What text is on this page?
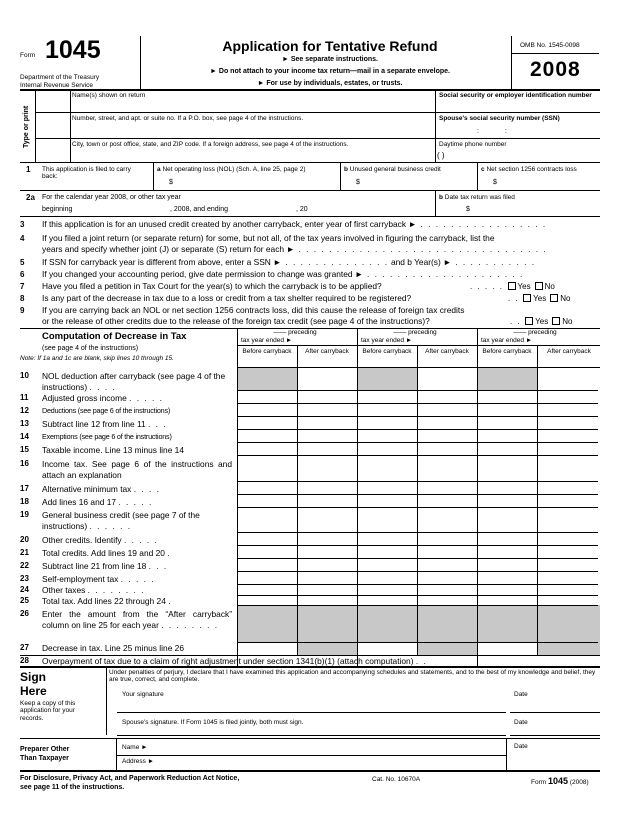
Form 1045
Department of the Treasury
Internal Revenue Service
Application for Tentative Refund
► See separate instructions.
► Do not attach to your income tax return—mail in a separate envelope.
► For use by individuals, estates, or trusts.
OMB No. 1545-0098
2008
Type or print
Name(s) shown on return	Social security or employer identification number
Number, street, and apt. or suite no. If a P.O. box, see page 4 of the instructions.	Spouse's social security number (SSN)
: :
City, town or post office, state, and ZIP code. If a foreign address, see page 4 of the instructions.	Daytime phone number
( )
1 This application is filed to carry back:
a Net operating loss (NOL) (Sch. A, line 25, page 2)
$
b Unused general business credit
$
c Net section 1256 contracts loss
$
2a For the calendar year 2008, or other tax year
beginning	, 2008, and ending	, 20
b Date tax return was filed
$
3 If this application is for an unused credit created by another carryback, enter year of first carryback ► . . . . . . . . . . . . . . . . .
4 If you filed a joint return (or separate return) for some, but not all, of the tax years involved in figuring the carryback, list the
years and specify whether joint (J) or separate (S) return for each ► . . . . . . . . . . . . . . . . . . . . . . . . . . . . . . . . .
5 If SSN for carryback year is different from above, enter a SSN ► . . . . . . . . . . . . . . and b Year(s) ► . . . . . . . . . . .
6 If you changed your accounting period, give date permission to change was granted ► . . . . . . . . . . . . . . . . . . . . .
7 Have you filed a petition in Tax Court for the year(s) to which the carryback is to be applied?	. . . . . Yes No
8 Is any part of the decrease in tax due to a loss or credit from a tax shelter required to be registered?	. . Yes No
9 If you are carrying back an NOL or net section 1256 contracts loss, did this cause the release of foreign tax credits
or the release of other credits due to the release of the foreign tax credit (see page 4 of the instructions)?	. . Yes No
Computation of Decrease in Tax
(see page 4 of the instructions)
Note: If 1a and 1c are blank, skip lines 10 through 15.
—— preceding
tax year ended ►
—— preceding
tax year ended ►
—— preceding
tax year ended ►
Before carryback	After carryback	Before carryback	After carryback	Before carryback	After carryback
10 NOL deduction after carryback (see page 4 of the instructions) . . . .
11 Adjusted gross income . . . . .
12 Deductions (see page 6 of the instructions)
13 Subtract line 12 from line 11 . . .
14 Exemptions (see page 6 of the instructions)
15 Taxable income. Line 13 minus line 14
16 Income tax. See page 6 of the instructions and attach an explanation
17 Alternative minimum tax . . . .
18 Add lines 16 and 17 . . . . .
19 General business credit (see page 7 of the instructions) . . . . . .
20 Other credits. Identify . . . . .
21 Total credits. Add lines 19 and 20 .
22 Subtract line 21 from line 18 . . .
23 Self-employment tax . . . . .
24 Other taxes . . . . . . . .
25 Total tax. Add lines 22 through 24 .
26 Enter the amount from the “After carryback” column on line 25 for each year . . . . . . . .
27 Decrease in tax. Line 25 minus line 26
28 Overpayment of tax due to a claim of right adjustment under section 1341(b)(1) (attach computation) . .
Sign
Here
Keep a copy of this application for your records.
Under penalties of perjury, I declare that I have examined this application and accompanying schedules and statements, and to the best of my knowledge and belief, they are true, correct, and complete.
Your signature	Date
Spouse's signature. If Form 1045 is filed jointly, both must sign.	Date
Preparer Other
Than Taxpayer
Name ►
Address ►
Date
For Disclosure, Privacy Act, and Paperwork Reduction Act Notice,
see page 11 of the instructions.
Cat. No. 10670A	Form 1045 (2008)
